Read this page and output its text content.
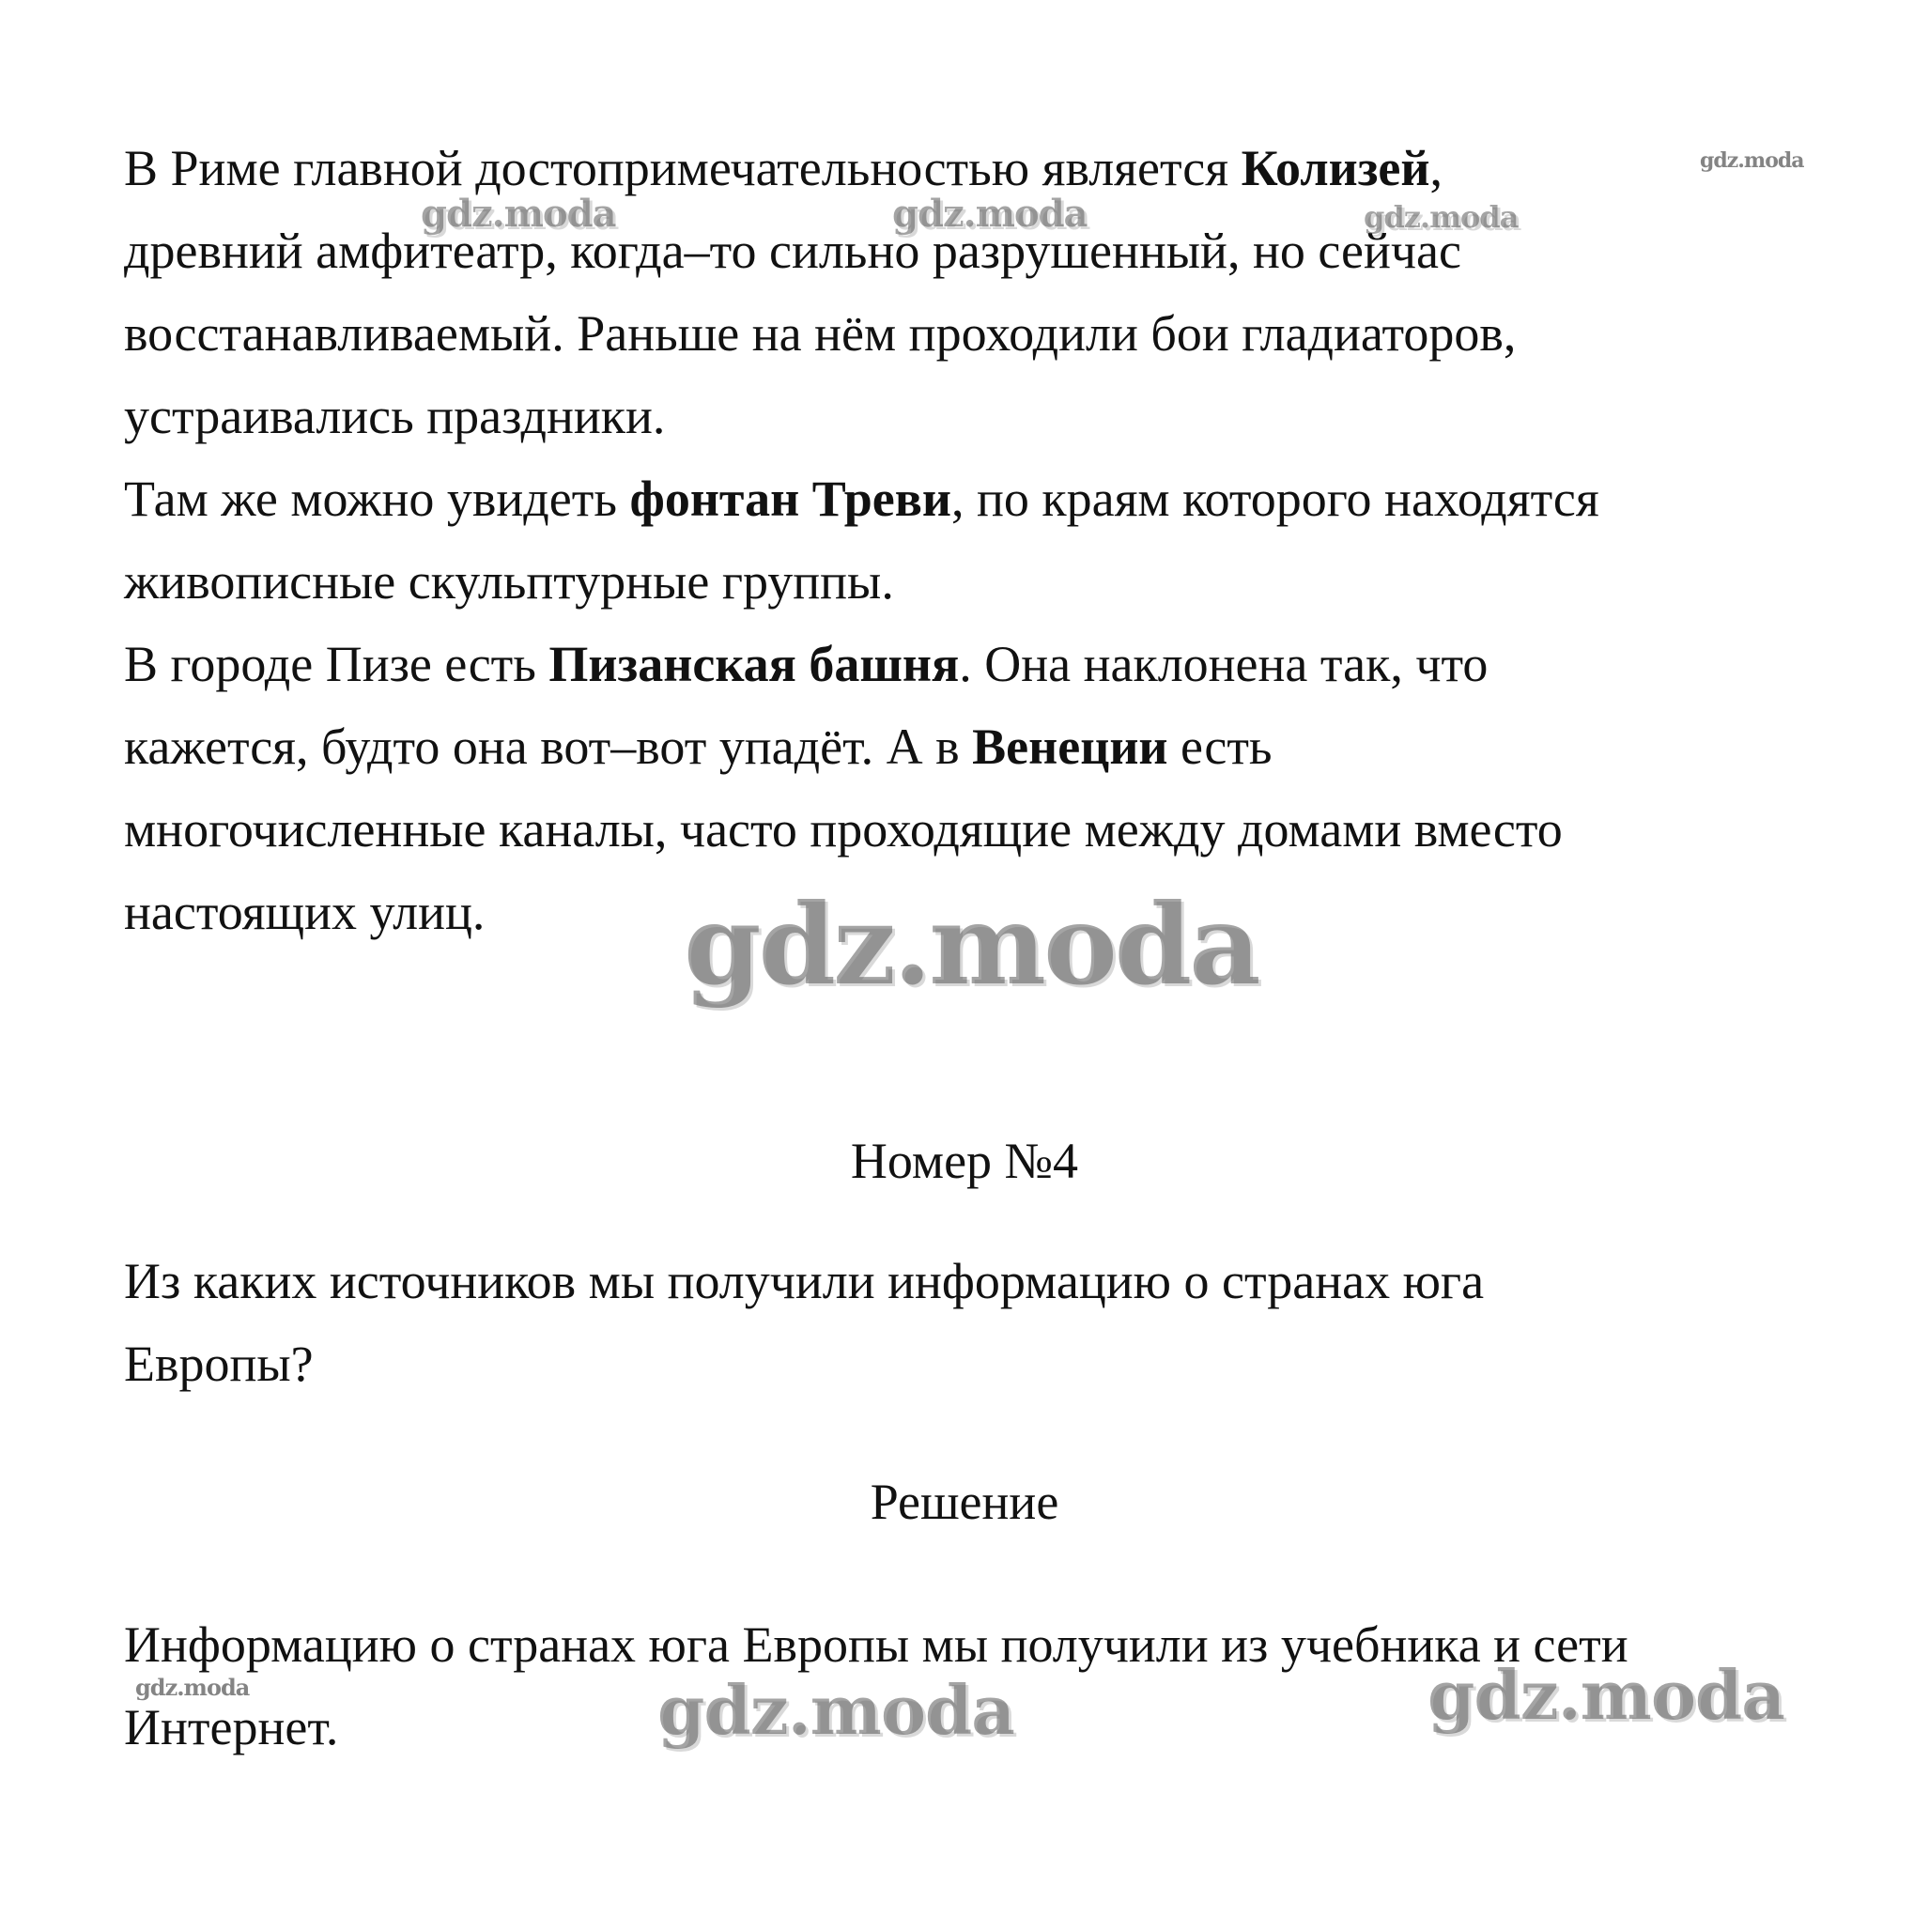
В Риме главной достопримечательностью является Колизей,
древний амфитеатр, когда–то сильно разрушенный, но сейчас
восстанавливаемый. Раньше на нём проходили бои гладиаторов,
устраивались праздники.
Там же можно увидеть фонтан Треви, по краям которого находятся
живописные скульптурные группы.
В городе Пизе есть Пизанская башня. Она наклонена так, что
кажется, будто она вот–вот упадёт. А в Венеции есть
многочисленные каналы, часто проходящие между домами вместо
настоящих улиц.
Номер №4
Из каких источников мы получили информацию о странах юга
Европы?
Решение
Информацию о странах юга Европы мы получили из учебника и сети
Интернет.
gdz.moda
gdz.moda	gdz.moda	gdz.moda
gdz.moda
gdz.moda	gdz.moda	gdz.moda
